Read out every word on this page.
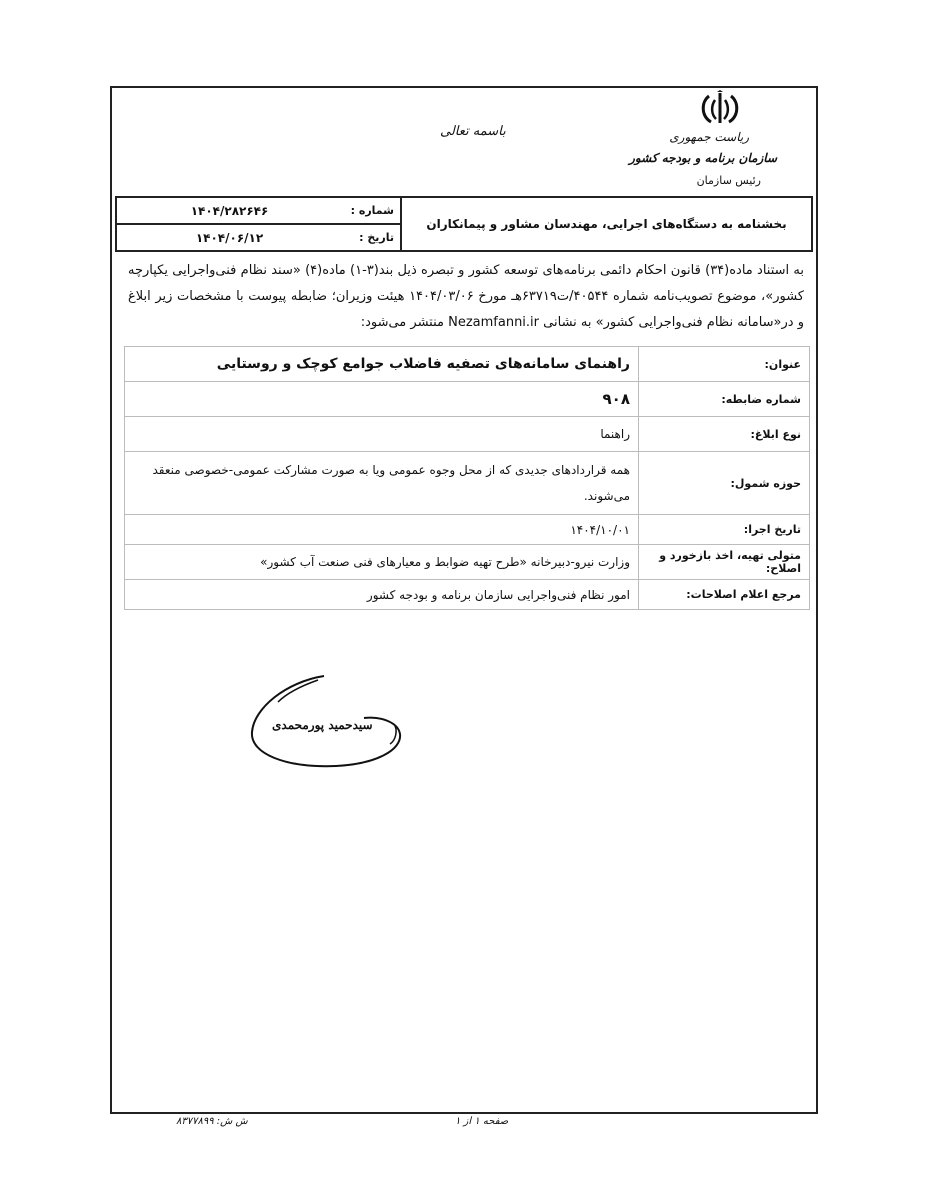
ریاست جمهوری
سازمان برنامه و بودجه کشور
رئیس سازمان
باسمه تعالی
بخشنامه به دستگاه‌های اجرایی، مهندسان مشاور و پیمانکاران
شماره :
۱۴۰۴/۲۸۲۶۴۶
تاریخ :
۱۴۰۴/۰۶/۱۲
به استناد ماده(۳۴) قانون احکام دائمی برنامه‌های توسعه کشور و تبصره ذیل بند(۳-۱) ماده(۴) «سند نظام فنی‌واجرایی یکپارچه کشور»، موضوع تصویب‌نامه شماره ۴۰۵۴۴/ت۶۳۷۱۹هـ مورخ ۱۴۰۴/۰۳/۰۶ هیئت وزیران؛ ضابطه پیوست با مشخصات زیر ابلاغ و در«سامانه نظام فنی‌واجرایی کشور» به نشانی Nezamfanni.ir منتشر می‌شود:
عنوان:	راهنمای سامانه‌های تصفیه فاضلاب جوامع کوچک و روستایی
شماره ضابطه:	۹۰۸
نوع ابلاغ:	راهنما
حوزه شمول:	همه قراردادهای جدیدی که از محل وجوه عمومی و‌یا به صورت مشارکت عمومی-خصوصی منعقد می‌شوند.
تاریخ اجرا:	۱۴۰۴/۱۰/۰۱
متولی تهیه، اخذ بازخورد و اصلاح:	وزارت نیرو-دبیرخانه «طرح تهیه ضوابط و معیارهای فنی صنعت آب کشور»
مرجع اعلام اصلاحات:	امور نظام فنی‌واجرایی سازمان برنامه و بودجه کشور
سیدحمید پورمحمدی
ش ش: ۸۳۷۷۸۹۹	صفحه ۱ از ۱
